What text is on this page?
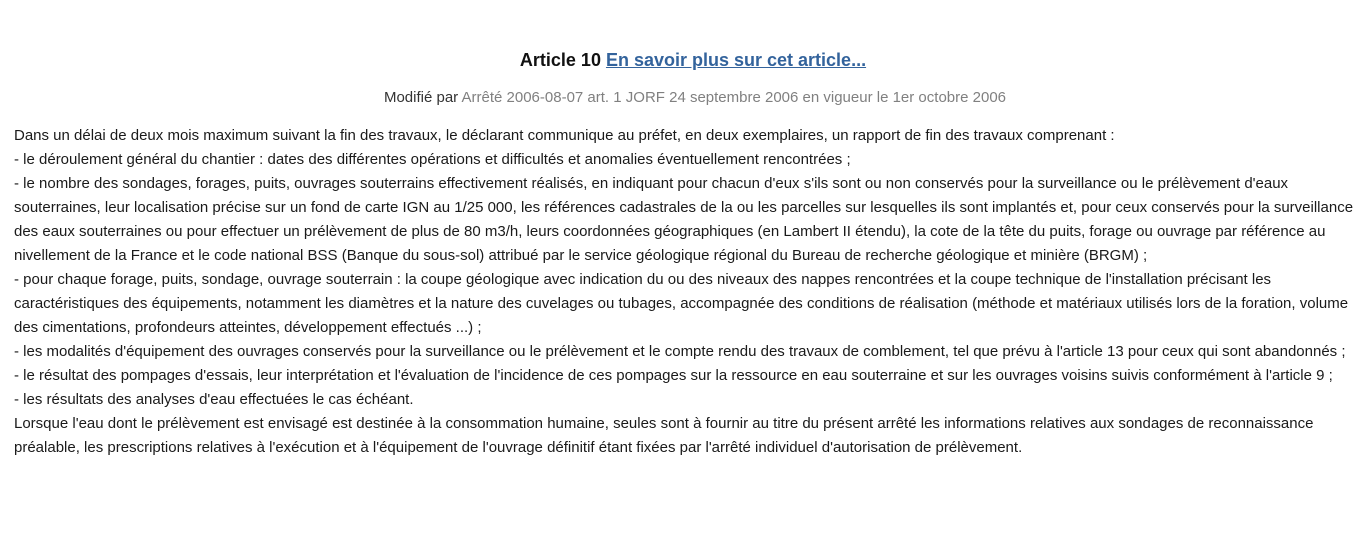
Article 10 En savoir plus sur cet article...
Modifié par Arrêté 2006-08-07 art. 1 JORF 24 septembre 2006 en vigueur le 1er octobre 2006

Dans un délai de deux mois maximum suivant la fin des travaux, le déclarant communique au préfet, en deux exemplaires, un rapport de fin des travaux comprenant :

- le déroulement général du chantier : dates des différentes opérations et difficultés et anomalies éventuellement rencontrées ;

- le nombre des sondages, forages, puits, ouvrages souterrains effectivement réalisés, en indiquant pour chacun d'eux s'ils sont ou non conservés pour la surveillance ou le prélèvement d'eaux souterraines, leur localisation précise sur un fond de carte IGN au 1/25 000, les références cadastrales de la ou les parcelles sur lesquelles ils sont implantés et, pour ceux conservés pour la surveillance des eaux souterraines ou pour effectuer un prélèvement de plus de 80 m3/h, leurs coordonnées géographiques (en Lambert II étendu), la cote de la tête du puits, forage ou ouvrage par référence au nivellement de la France et le code national BSS (Banque du sous-sol) attribué par le service géologique régional du Bureau de recherche géologique et minière (BRGM) ;

- pour chaque forage, puits, sondage, ouvrage souterrain : la coupe géologique avec indication du ou des niveaux des nappes rencontrées et la coupe technique de l'installation précisant les caractéristiques des équipements, notamment les diamètres et la nature des cuvelages ou tubages, accompagnée des conditions de réalisation (méthode et matériaux utilisés lors de la foration, volume des cimentations, profondeurs atteintes, développement effectués ...) ;

- les modalités d'équipement des ouvrages conservés pour la surveillance ou le prélèvement et le compte rendu des travaux de comblement, tel que prévu à l'article 13 pour ceux qui sont abandonnés ;

- le résultat des pompages d'essais, leur interprétation et l'évaluation de l'incidence de ces pompages sur la ressource en eau souterraine et sur les ouvrages voisins suivis conformément à l'article 9 ;

- les résultats des analyses d'eau effectuées le cas échéant.

Lorsque l'eau dont le prélèvement est envisagé est destinée à la consommation humaine, seules sont à fournir au titre du présent arrêté les informations relatives aux sondages de reconnaissance préalable, les prescriptions relatives à l'exécution et à l'équipement de l'ouvrage définitif étant fixées par l'arrêté individuel d'autorisation de prélèvement.
